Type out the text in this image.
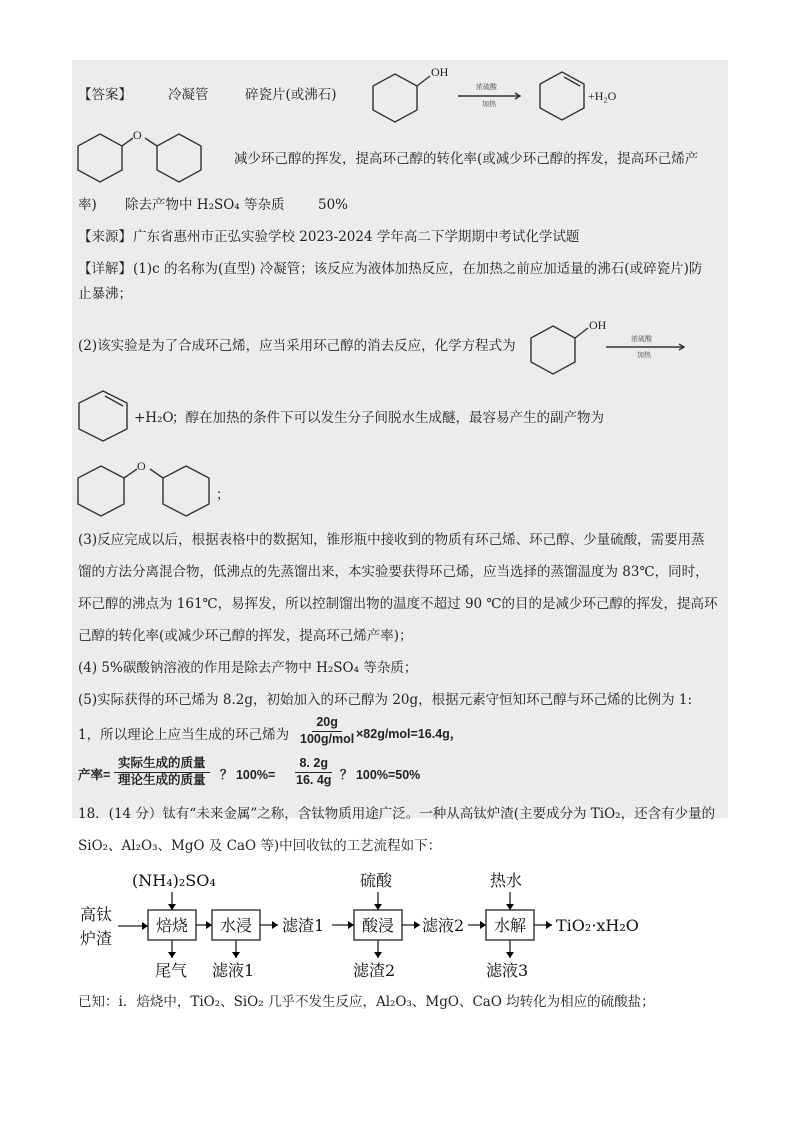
【答案】	冷凝管	碎瓷片(或沸石)
OH
浓硫酸
加热
+H₂O
O
减少环己醇的挥发，提高环己醇的转化率(或减少环己醇的挥发，提高环己烯产
率) 除去产物中 H₂SO₄ 等杂质 50%
【来源】 广东省惠州市正弘实验学校 2023-2024 学年高二下学期期中考试化学试题
【详解】 (1)c 的名称为(直型) 冷凝管；该反应为液体加热反应，在加热之前应加适量的沸石(或碎瓷片)防
止暴沸；
(2)该实验是为了合成环己烯，应当采用环己醇的消去反应，化学方程式为
OH
浓硫酸
加热
+H₂O
；醇在加热的条件下可以发生分子间脱水生成醚，最容易产生的副产物为
O
；
(3)反应完成以后，根据表格中的数据知，锥形瓶中接收到的物质有环己烯、环己醇、少量硫酸，需要用蒸
馏的方法分离混合物，低沸点的先蒸馏出来，本实验要获得环己烯，应当选择的蒸馏温度为 83℃，同时，
环己醇的沸点为 161℃，易挥发，所以控制馏出物的温度不超过 90 ℃的目的是减少环己醇的挥发，提高环
己醇的转化率(或减少环己醇的挥发，提高环己烯产率)；
(4) 5%碳酸钠溶液的作用是除去产物中 H₂SO₄ 等杂质；
(5)实际获得的环己烯为 8.2g，初始加入的环己醇为 20g，根据元素守恒知环己醇与环己烯的比例为 1:
1，所以理论上应当生成的环己烯为
20g
100g/mol ×82g/mol=16.4g，
产率=
实际生成的质量
理论生成的质量	？ $100\%= \frac{8. 2g}{16. 4g}$ ？ 100%=50%
18．(14 分）钛有“未来金属”之称，含钛物质用途广泛。一种从高钛炉渣(主要成分为 TiO₂，还含有少量的
SiO₂、Al₂O₃、MgO 及 CaO 等)中回收钛的工艺流程如下：
高钛
炉渣
(NH₄)₂SO₄
焙烧
尾气
水浸
滤液1
滤渣1
硫酸
酸浸
滤渣2
滤液2
热水
水解
滤液3
TiO₂·xH₂O
已知：i．焙烧中，TiO₂、SiO₂ 几乎不发生反应，Al₂O₃、MgO、CaO 均转化为相应的硫酸盐；
